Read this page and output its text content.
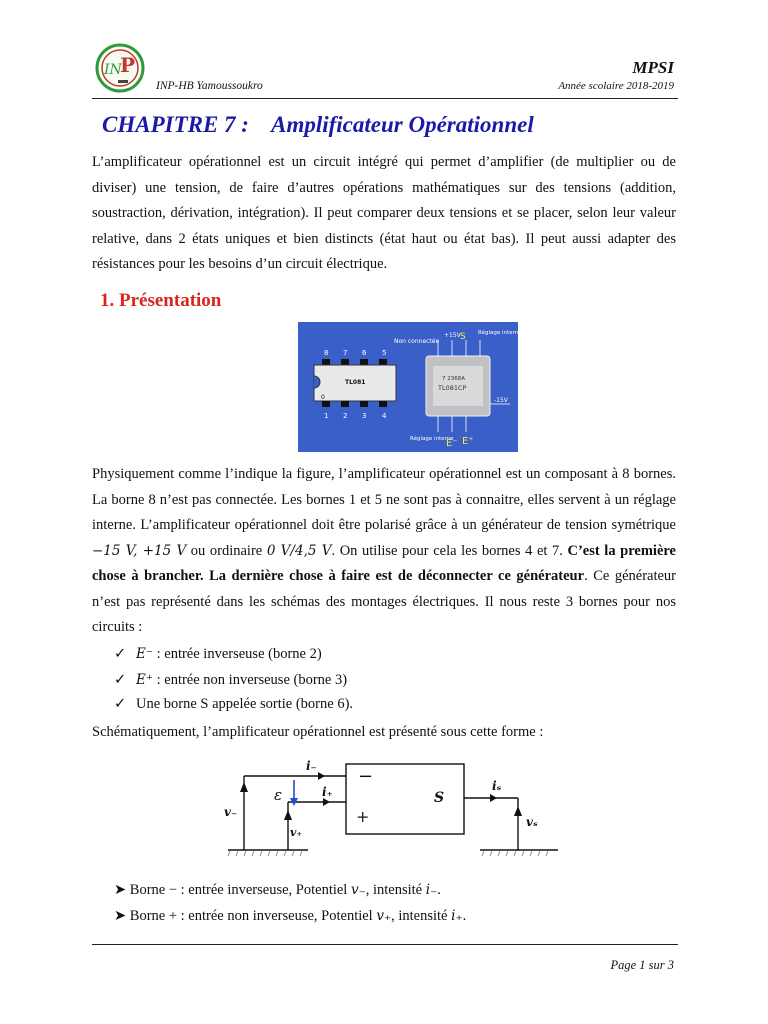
IN
P
INP-HB Yamoussoukro
MPSI
Année scolaire 2018-2019
CHAPITRE 7 : Amplificateur Opérationnel
L’amplificateur opérationnel est un circuit intégré qui permet d’amplifier (de multiplier ou de diviser) une tension, de faire d’autres opérations mathématiques sur des tensions (addition, soustraction, dérivation, intégration). Il peut comparer deux tensions et se placer, selon leur valeur relative, dans 2 états uniques et bien distincts (état haut ou état bas). Il peut aussi adapter des résistances pour les besoins d’un circuit électrique.
1. Présentation
8 7 6 5
TL081
0
1 2 3 4
7 2368A
TL081CP
Non connectée
+15V S Réglage interne
-15V
Réglage interne
E⁻ E⁺
Physiquement comme l’indique la figure, l’amplificateur opérationnel est un composant à 8 bornes. La borne 8 n’est pas connectée. Les bornes 1 et 5 ne sont pas à connaitre, elles servent à un réglage interne. L’amplificateur opérationnel doit être polarisé grâce à un générateur de tension symétrique −15 V, +15 V ou ordinaire 0 V/4,5 V. On utilise pour cela les bornes 4 et 7. C’est la première chose à brancher. La dernière chose à faire est de déconnecter ce générateur. Ce générateur n’est pas représenté dans les schémas des montages électriques. Il nous reste 3 bornes pour nos circuits :
✓ E⁻ : entrée inverseuse (borne 2)
✓ E⁺ : entrée non inverseuse (borne 3)
✓ Une borne S appelée sortie (borne 6).
Schématiquement, l’amplificateur opérationnel est présenté sous cette forme :
−
+
S
v₋
v₊
ε
i₋
i₊	iₛ
vₛ
➤ Borne − : entrée inverseuse, Potentiel v₋, intensité i₋.
➤ Borne + : entrée non inverseuse, Potentiel v₊, intensité i₊.
Page 1 sur 3
